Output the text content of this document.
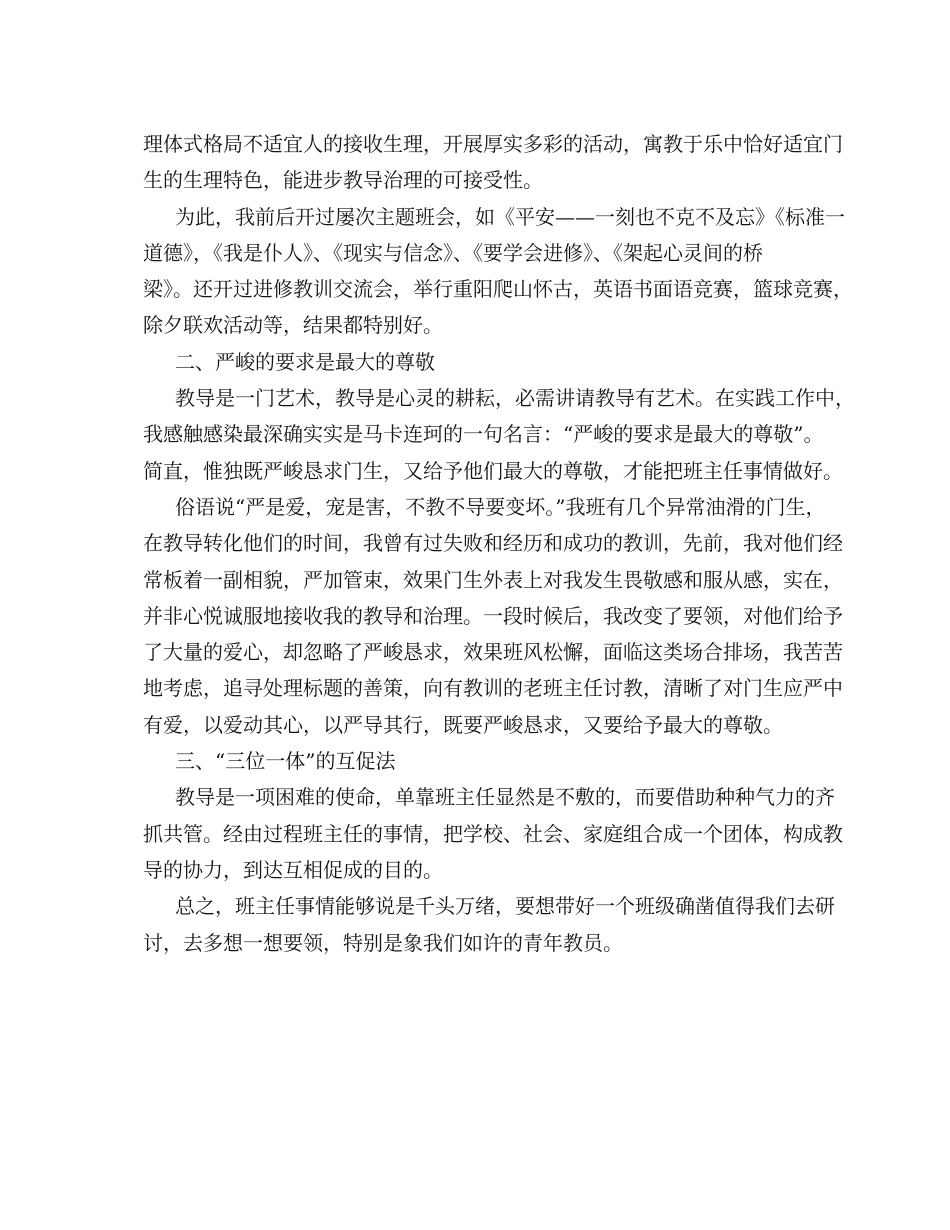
理体式格局不适宜人的接收生理，开展厚实多彩的活动，寓教于乐中恰好适宜门
生的生理特色，能进步教导治理的可接受性。
为此，我前后开过屡次主题班会，如《平安——一刻也不克不及忘》《标准一
道德》，《我是仆人》、《现实与信念》、《要学会进修》、《架起心灵间的桥
梁》。还开过进修教训交流会，举行重阳爬山怀古，英语书面语竞赛，篮球竞赛，
除夕联欢活动等，结果都特别好。
二、严峻的要求是最大的尊敬
教导是一门艺术，教导是心灵的耕耘，必需讲请教导有艺术。在实践工作中，
我感触感染最深确实实是马卡连珂的一句名言：“严峻的要求是最大的尊敬”。
简直，惟独既严峻恳求门生，又给予他们最大的尊敬，才能把班主任事情做好。
俗语说“严是爱，宠是害，不教不导要变坏。”我班有几个异常油滑的门生，
在教导转化他们的时间，我曾有过失败和经历和成功的教训，先前，我对他们经
常板着一副相貌，严加管束，效果门生外表上对我发生畏敬感和服从感，实在，
并非心悦诚服地接收我的教导和治理。一段时候后，我改变了要领，对他们给予
了大量的爱心，却忽略了严峻恳求，效果班风松懈，面临这类场合排场，我苦苦
地考虑，追寻处理标题的善策，向有教训的老班主任讨教，清晰了对门生应严中
有爱，以爱动其心，以严导其行，既要严峻恳求，又要给予最大的尊敬。
三、“三位一体”的互促法
教导是一项困难的使命，单靠班主任显然是不敷的，而要借助种种气力的齐
抓共管。经由过程班主任的事情，把学校、社会、家庭组合成一个团体，构成教
导的协力，到达互相促成的目的。
总之，班主任事情能够说是千头万绪，要想带好一个班级确凿值得我们去研
讨，去多想一想要领，特别是象我们如许的青年教员。
